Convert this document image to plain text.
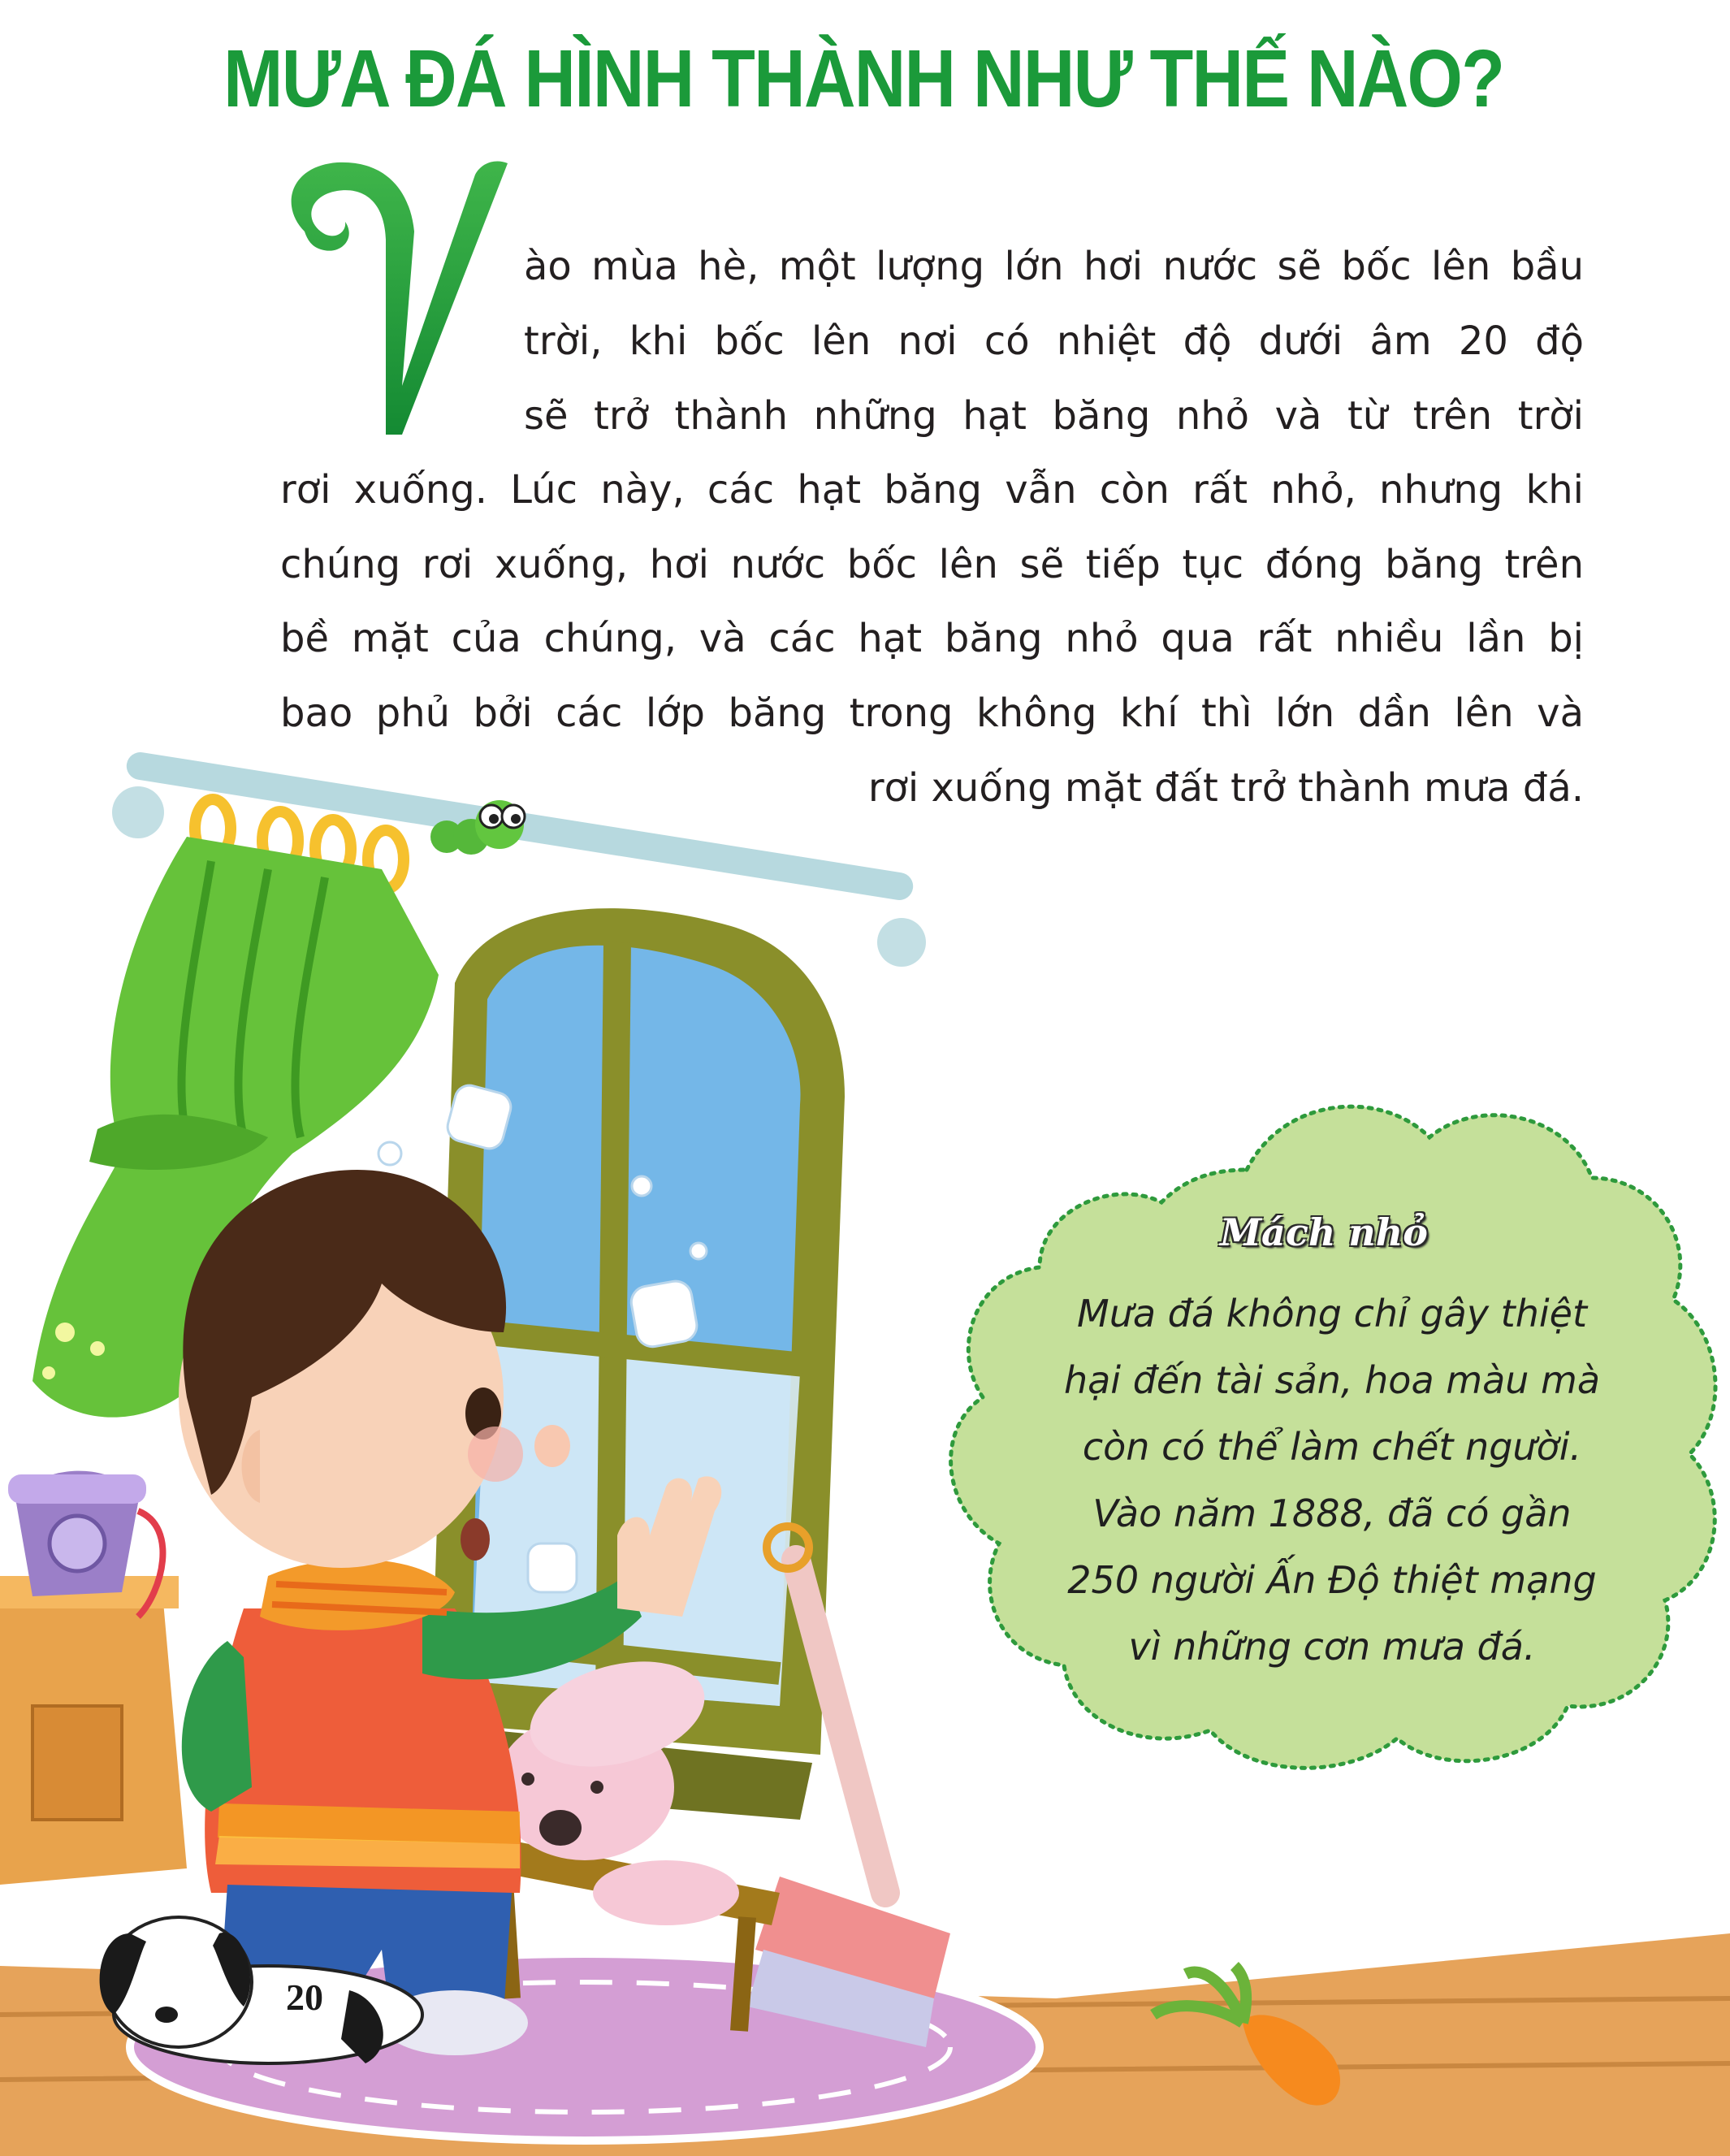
MƯA ĐÁ HÌNH THÀNH NHƯ THẾ NÀO?
ào mùa hè, một lượng lớn hơi nước sẽ bốc lên bầu
trời, khi bốc lên nơi có nhiệt độ dưới âm 20 độ
sẽ trở thành những hạt băng nhỏ và từ trên trời
rơi xuống. Lúc này, các hạt băng vẫn còn rất nhỏ, nhưng khi
chúng rơi xuống, hơi nước bốc lên sẽ tiếp tục đóng băng trên
bề mặt của chúng, và các hạt băng nhỏ qua rất nhiều lần bị
bao phủ bởi các lớp băng trong không khí thì lớn dần lên và
rơi xuống mặt đất trở thành mưa đá.
20
Mách nhỏ
Mưa đá không chỉ gây thiệt
hại đến tài sản, hoa màu mà
còn có thể làm chết người.
Vào năm 1888, đã có gần
250 người Ấn Độ thiệt mạng
vì những cơn mưa đá.
